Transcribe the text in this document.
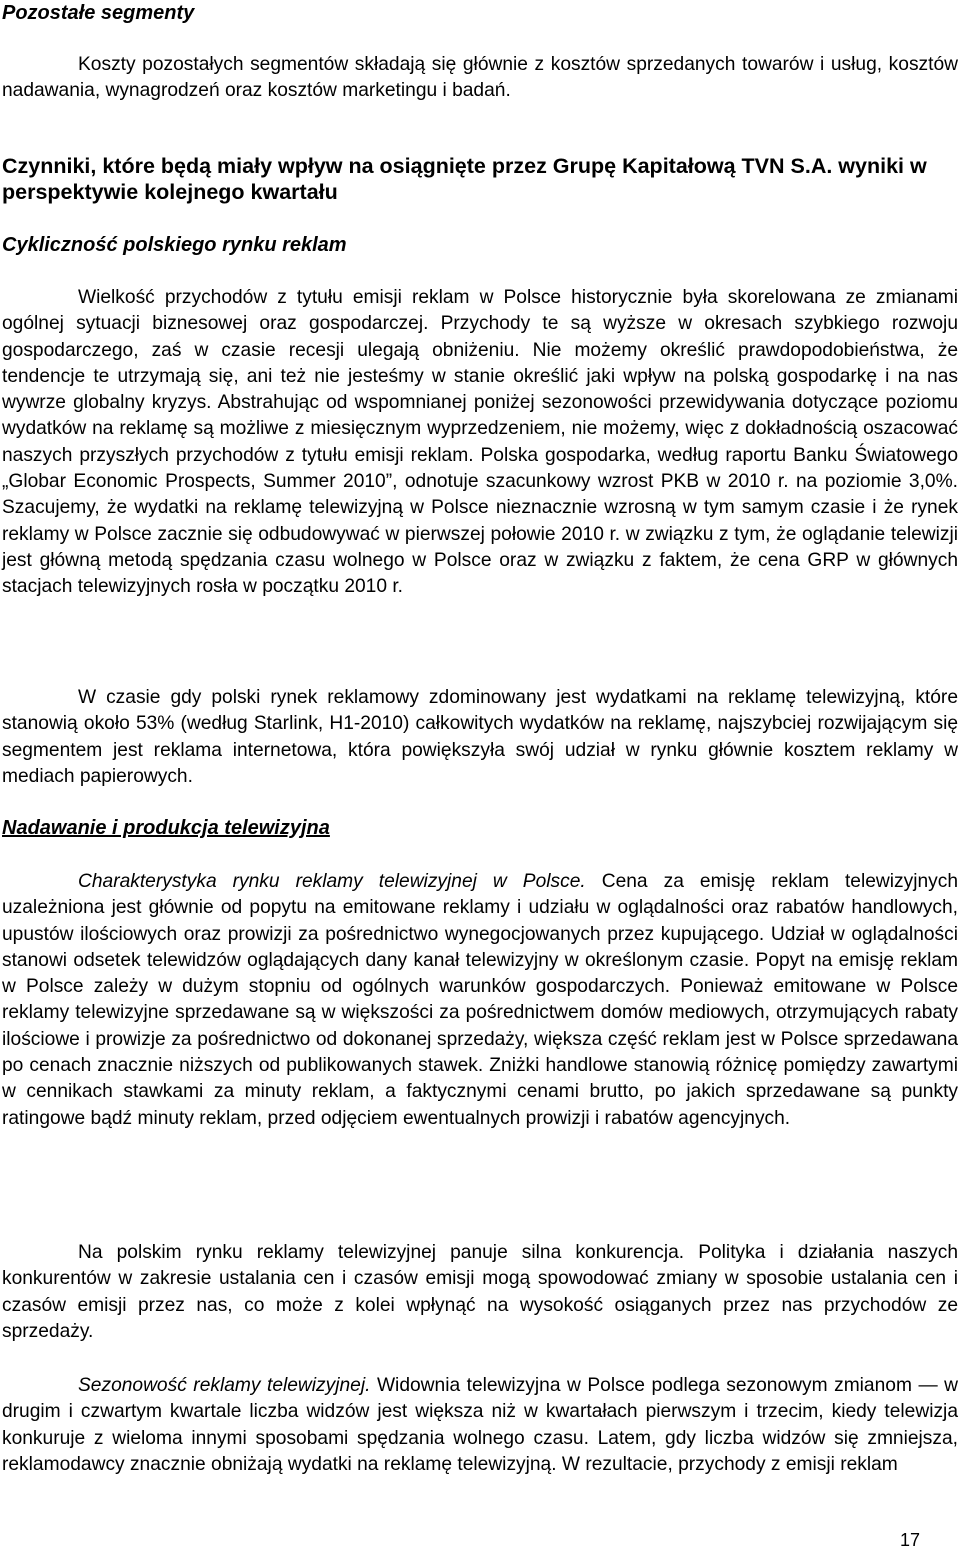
Pozostałe segmenty

Koszty pozostałych segmentów składają się głównie z kosztów sprzedanych towarów i usług, kosztów nadawania, wynagrodzeń oraz kosztów marketingu i badań.

Czynniki, które będą miały wpływ na osiągnięte przez Grupę Kapitałową TVN S.A. wyniki w perspektywie kolejnego kwartału
Cykliczność polskiego rynku reklam

Wielkość przychodów z tytułu emisji reklam w Polsce historycznie była skorelowana ze zmianami ogólnej sytuacji biznesowej oraz gospodarczej. Przychody te są wyższe w okresach szybkiego rozwoju gospodarczego, zaś w czasie recesji ulegają obniżeniu. Nie możemy określić prawdopodobieństwa, że tendencje te utrzymają się, ani też nie jesteśmy w stanie określić jaki wpływ na polską gospodarkę i na nas wywrze globalny kryzys. Abstrahując od wspomnianej poniżej sezonowości przewidywania dotyczące poziomu wydatków na reklamę są możliwe z miesięcznym wyprzedzeniem, nie możemy, więc z dokładnością oszacować naszych przyszłych przychodów z tytułu emisji reklam. Polska gospodarka, według raportu Banku Światowego „Globar Economic Prospects, Summer 2010”, odnotuje szacunkowy wzrost PKB w 2010 r. na poziomie 3,0%. Szacujemy, że wydatki na reklamę telewizyjną w Polsce nieznacznie wzrosną w tym samym czasie i że rynek reklamy w Polsce zacznie się odbudowywać w pierwszej połowie 2010 r. w związku z tym, że oglądanie telewizji jest główną metodą spędzania czasu wolnego w Polsce oraz w związku z faktem, że cena GRP w głównych stacjach telewizyjnych rosła w początku 2010 r.

W czasie gdy polski rynek reklamowy zdominowany jest wydatkami na reklamę telewizyjną, które stanowią około 53% (według Starlink, H1-2010) całkowitych wydatków na reklamę, najszybciej rozwijającym się segmentem jest reklama internetowa, która powiększyła swój udział w rynku głównie kosztem reklamy w mediach papierowych.

Nadawanie i produkcja telewizyjna

Charakterystyka rynku reklamy telewizyjnej w Polsce. Cena za emisję reklam telewizyjnych uzależniona jest głównie od popytu na emitowane reklamy i udziału w oglądalności oraz rabatów handlowych, upustów ilościowych oraz prowizji za pośrednictwo wynegocjowanych przez kupującego. Udział w oglądalności stanowi odsetek telewidzów oglądających dany kanał telewizyjny w określonym czasie. Popyt na emisję reklam w Polsce zależy w dużym stopniu od ogólnych warunków gospodarczych. Ponieważ emitowane w Polsce reklamy telewizyjne sprzedawane są w większości za pośrednictwem domów mediowych, otrzymujących rabaty ilościowe i prowizje za pośrednictwo od dokonanej sprzedaży, większa część reklam jest w Polsce sprzedawana po cenach znacznie niższych od publikowanych stawek. Zniżki handlowe stanowią różnicę pomiędzy zawartymi w cennikach stawkami za minuty reklam, a faktycznymi cenami brutto, po jakich sprzedawane są punkty ratingowe bądź minuty reklam, przed odjęciem ewentualnych prowizji i rabatów agencyjnych.

Na polskim rynku reklamy telewizyjnej panuje silna konkurencja. Polityka i działania naszych konkurentów w zakresie ustalania cen i czasów emisji mogą spowodować zmiany w sposobie ustalania cen i czasów emisji przez nas, co może z kolei wpłynąć na wysokość osiąganych przez nas przychodów ze sprzedaży.

Sezonowość reklamy telewizyjnej. Widownia telewizyjna w Polsce podlega sezonowym zmianom — w drugim i czwartym kwartale liczba widzów jest większa niż w kwartałach pierwszym i trzecim, kiedy telewizja konkuruje z wieloma innymi sposobami spędzania wolnego czasu. Latem, gdy liczba widzów się zmniejsza, reklamodawcy znacznie obniżają wydatki na reklamę telewizyjną. W rezultacie, przychody z emisji reklam

17
